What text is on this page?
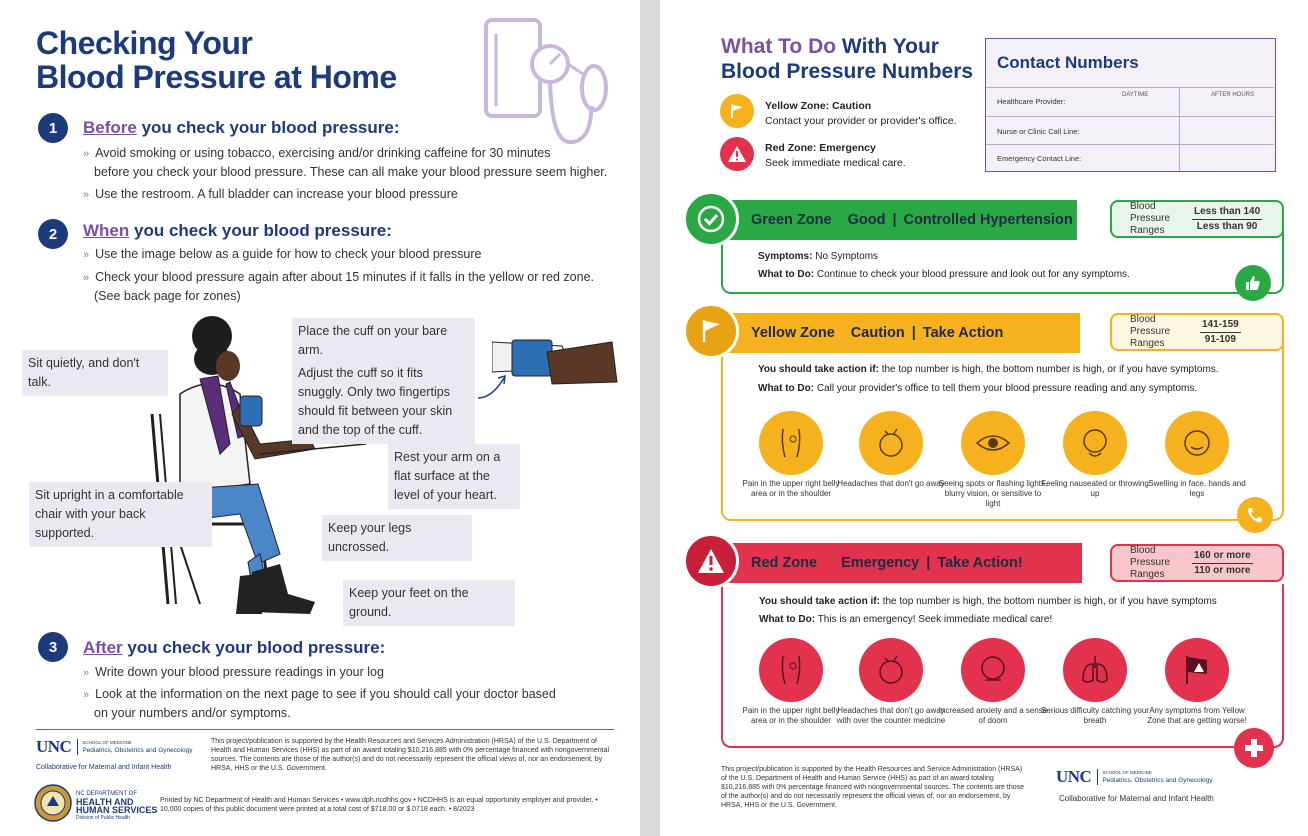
Checking Your
Blood Pressure at Home
1	Before you check your blood pressure:
» Avoid smoking or using tobacco, exercising and/or drinking caffeine for 30 minutes
before you check your blood pressure. These can all make your blood pressure seem higher.
» Use the restroom. A full bladder can increase your blood pressure
2	When you check your blood pressure:
» Use the image below as a guide for how to check your blood pressure
» Check your blood pressure again after about 15 minutes if it falls in the yellow or red zone.
(See back page for zones)
Place the cuff on your bare arm.
Adjust the cuff so it fits snuggly. Only two fingertips should fit between your skin and the top of the cuff.
Sit quietly, and don't talk.
Rest your arm on a flat surface at the level of your heart.
Sit upright in a comfortable chair with your back supported.	Keep your legs uncrossed.
Keep your feet on the ground.
3	After you check your blood pressure:
» Write down your blood pressure readings in your log
» Look at the information on the next page to see if you should call your doctor based
on your numbers and/or symptoms.
UNC SCHOOL OF MEDICINE
Pediatrics, Obstetrics and Gynecology
Collaborative for Maternal and Infant Health
This project/publication is supported by the Health Resources and Services Administration (HRSA) of the U.S. Department of Health and Human Services (HHS) as part of an award totaling $10,216,885 with 0% percentage financed with nongovernmental sources. The contents are those of the author(s) and do not necessarily represent the official views of, nor an endorsement, by HRSA, HHS or the U.S. Government.
NC DEPARTMENT OF
HEALTH AND
HUMAN SERVICES
Division of Public Health
Printed by NC Department of Health and Human Services • www.dph.ncdhhs.gov • NCDHHS is an equal opportunity employer and provider. • 10,000 copies of this public document were printed at a total cost of $718.00 or $.0718 each. • 8/2023
What To Do With Your
Blood Pressure Numbers
Yellow Zone: Caution
Contact your provider or provider's office.
Red Zone: Emergency
Seek immediate medical care.
Contact Numbers
DAYTIME	AFTER HOURS
Healthcare Provider:
Nurse or Clinic Call Line:
Emergency Contact Line:
Green Zone Good | Controlled Hypertension
Blood Pressure
Ranges
Less than 140
Less than 90
Symptoms: No Symptoms
What to Do: Continue to check your blood pressure and look out for any symptoms.
Yellow Zone Caution | Take Action
Blood Pressure
Ranges
141-159
91-109
You should take action if: the top number is high, the bottom number is high, or if you have symptoms.
What to Do: Call your provider's office to tell them your blood pressure reading and any symptoms.
Pain in the upper right belly area or in the shoulder
Headaches that don't go away
Seeing spots or flashing lights, blurry vision, or sensitive to light
Feeling nauseated or throwing up
Swelling in face, hands and legs
Red Zone Emergency | Take Action!
Blood Pressure
Ranges
160 or more
110 or more
You should take action if: the top number is high, the bottom number is high, or if you have symptoms
What to Do: This is an emergency! Seek immediate medical care!
Pain in the upper right belly area or in the shoulder
Headaches that don't go away with over the counter medicine
Increased anxiety and a sense of doom
Serious difficulty catching your breath
Any symptoms from Yellow Zone that are getting worse!
This project/publication is supported by the Health Resources and Service Administration (HRSA) of the U.S. Department of Health and Human Service (HHS) as part of an award totaling $10,216,885 with 0% percentage financed with nongovernmental sources. The contents are those of the author(s) and do not necessarily represent the official views of, nor an endorsement, by HRSA, HHS or the U.S. Government.
UNC SCHOOL OF MEDICINE
Pediatrics, Obstetrics and Gynecology
Collaborative for Maternal and Infant Health
